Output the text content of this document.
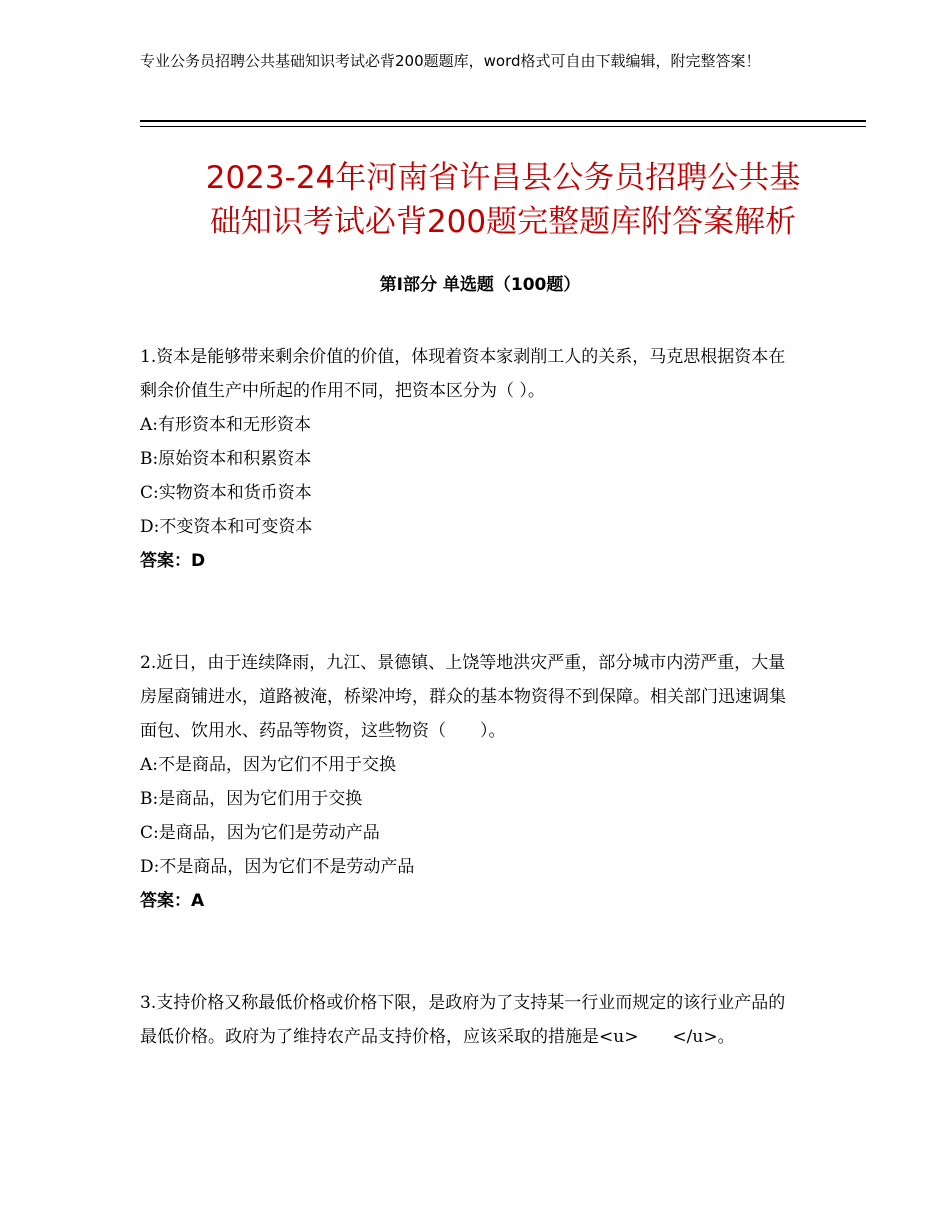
专业公务员招聘公共基础知识考试必背200题题库，word格式可自由下载编辑，附完整答案！
2023-24年河南省许昌县公务员招聘公共基
础知识考试必背200题完整题库附答案解析
第Ⅰ部分 单选题（100题）

1.资本是能够带来剩余价值的价值，体现着资本家剥削工人的关系，马克思根据资本在剩余价值生产中所起的作用不同，把资本区分为（ ）。

A:有形资本和无形资本

B:原始资本和积累资本

C:实物资本和货币资本

D:不变资本和可变资本

答案：D

2.近日，由于连续降雨，九江、景德镇、上饶等地洪灾严重，部分城市内涝严重，大量房屋商铺进水，道路被淹，桥梁冲垮，群众的基本物资得不到保障。相关部门迅速调集面包、饮用水、药品等物资，这些物资（　　）。

A:不是商品，因为它们不用于交换

B:是商品，因为它们用于交换

C:是商品，因为它们是劳动产品

D:不是商品，因为它们不是劳动产品

答案：A

3.支持价格又称最低价格或价格下限，是政府为了支持某一行业而规定的该行业产品的最低价格。政府为了维持农产品支持价格，应该采取的措施是<u>　　</u>。
